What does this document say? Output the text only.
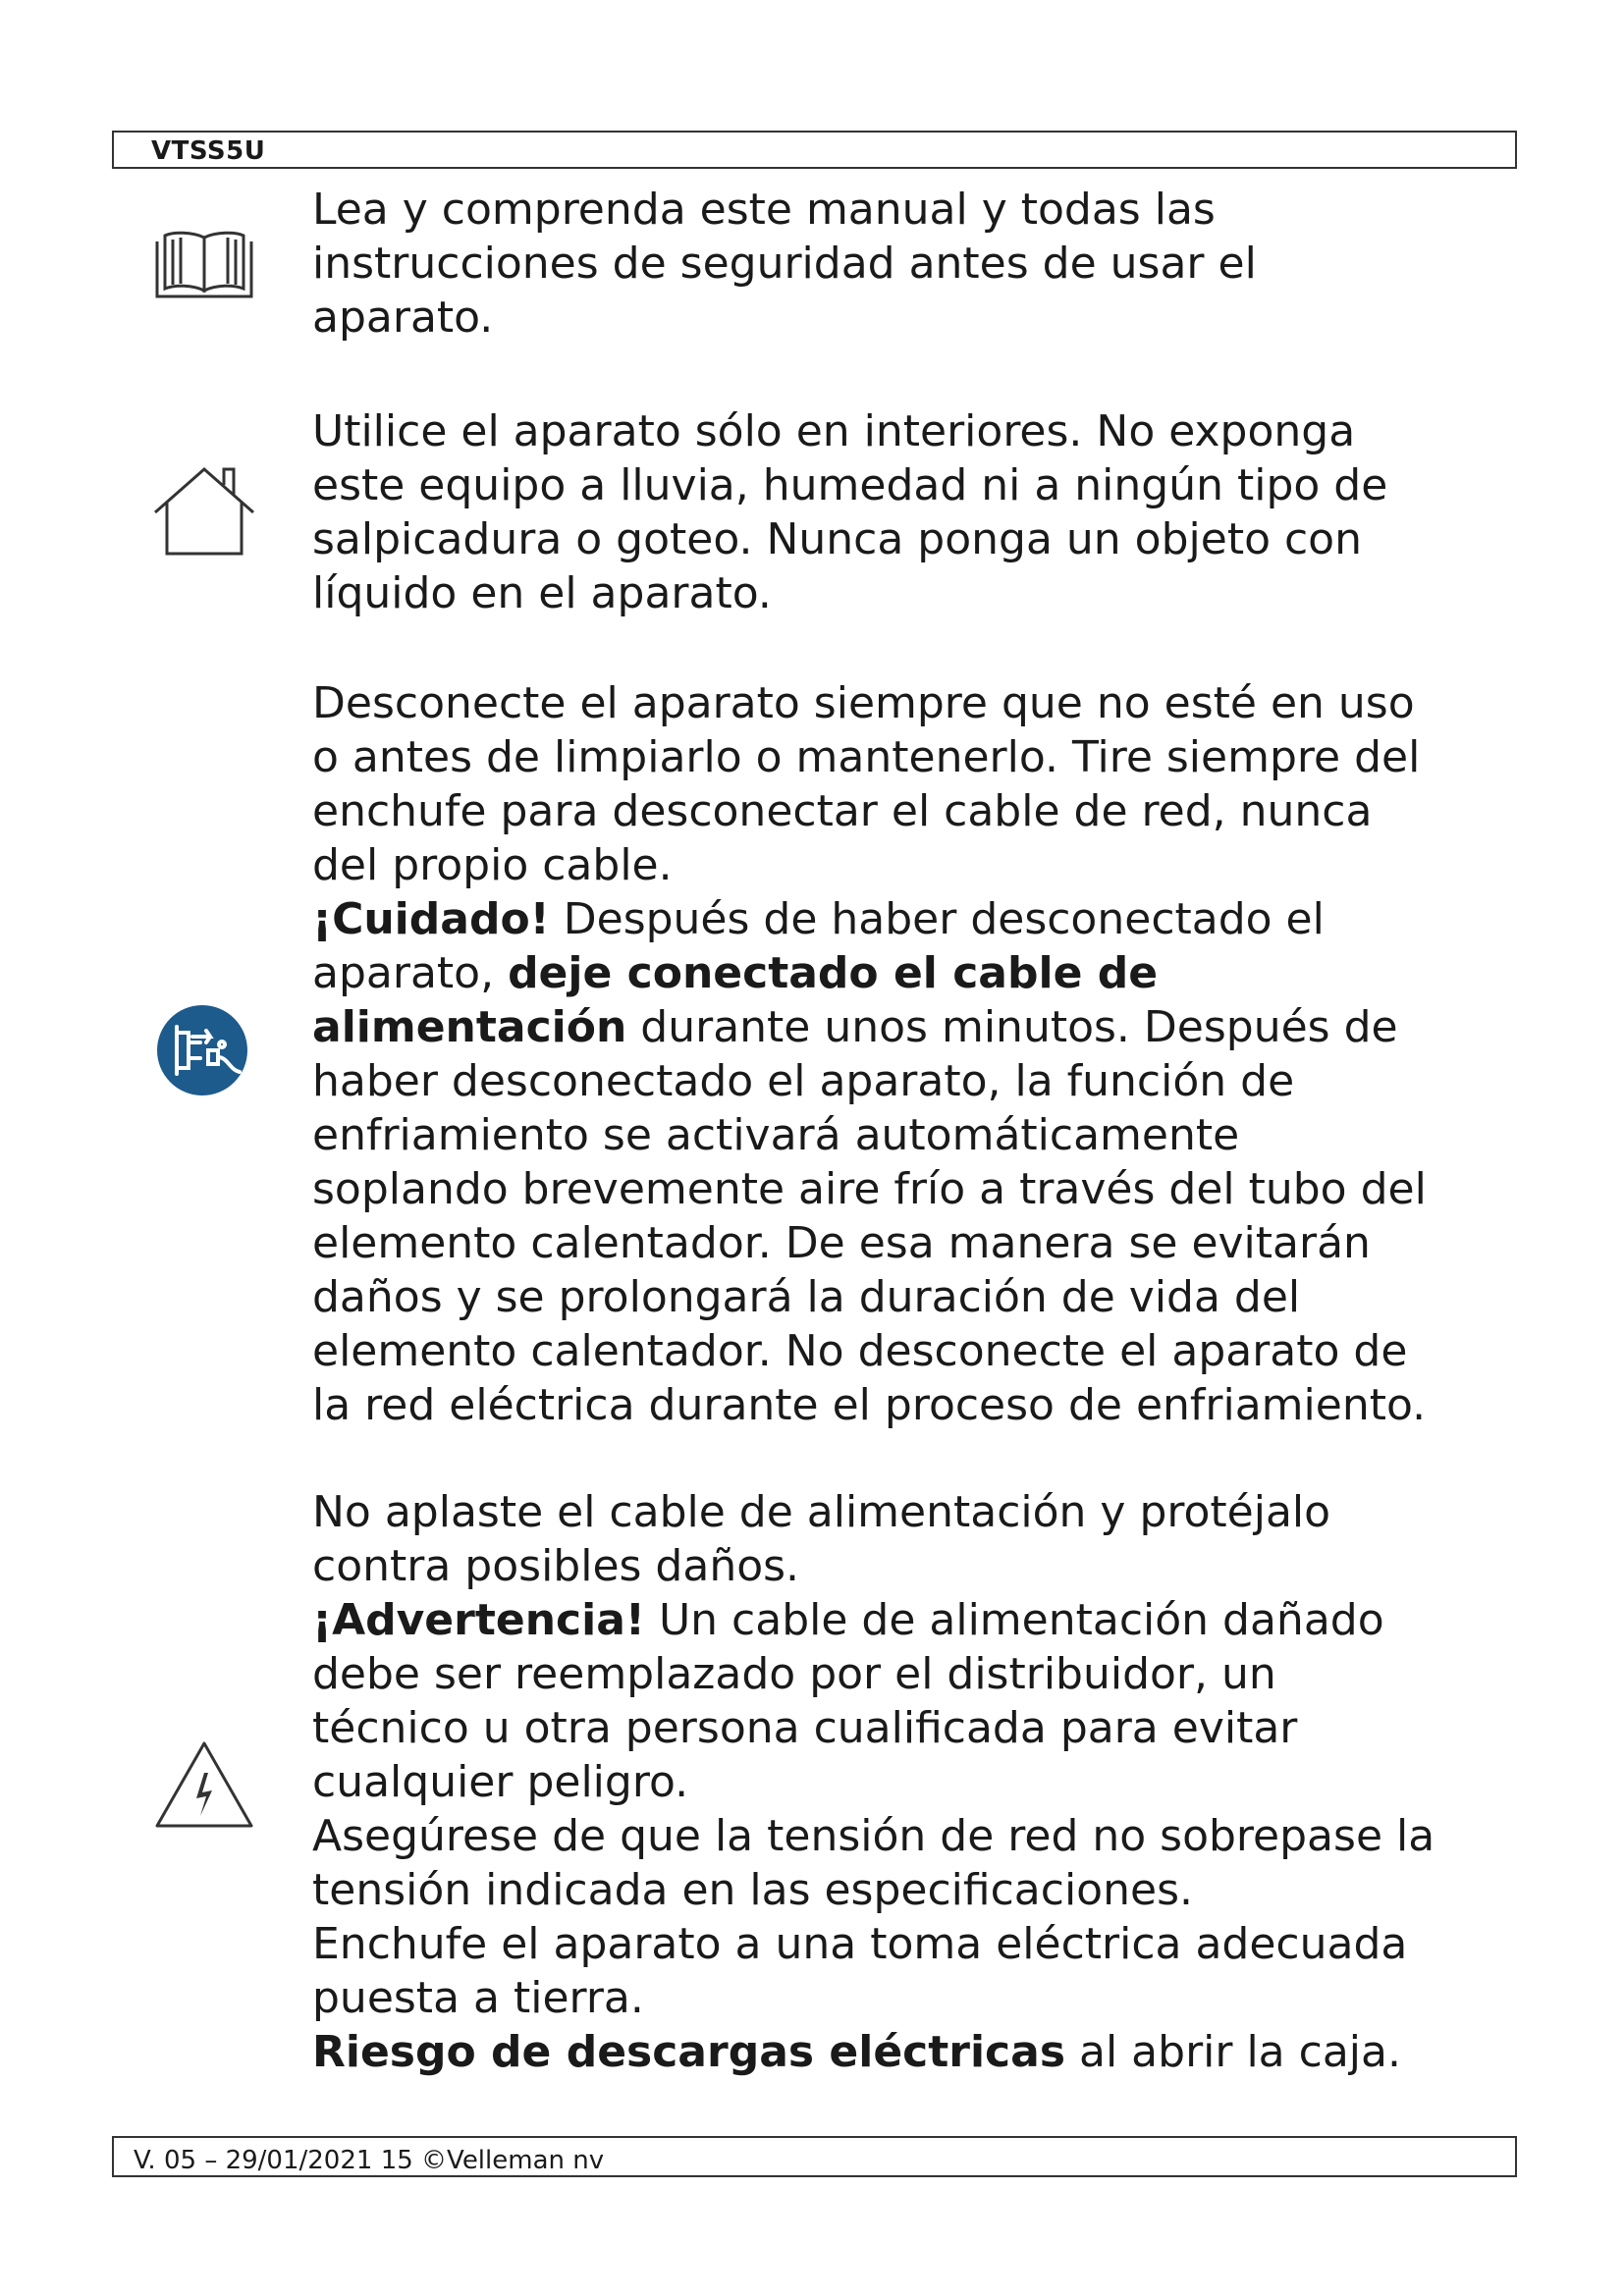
VTSS5U
Lea y comprenda este manual y todas las
instrucciones de seguridad antes de usar el
aparato.
Utilice el aparato sólo en interiores. No exponga
este equipo a lluvia, humedad ni a ningún tipo de
salpicadura o goteo. Nunca ponga un objeto con
líquido en el aparato.
Desconecte el aparato siempre que no esté en uso
o antes de limpiarlo o mantenerlo. Tire siempre del
enchufe para desconectar el cable de red, nunca
del propio cable.
¡Cuidado! Después de haber desconectado el
aparato, deje conectado el cable de
alimentación durante unos minutos. Después de
haber desconectado el aparato, la función de
enfriamiento se activará automáticamente
soplando brevemente aire frío a través del tubo del
elemento calentador. De esa manera se evitarán
daños y se prolongará la duración de vida del
elemento calentador. No desconecte el aparato de
la red eléctrica durante el proceso de enfriamiento.
No aplaste el cable de alimentación y protéjalo
contra posibles daños.
¡Advertencia! Un cable de alimentación dañado
debe ser reemplazado por el distribuidor, un
técnico u otra persona cualificada para evitar
cualquier peligro.
Asegúrese de que la tensión de red no sobrepase la
tensión indicada en las especificaciones.
Enchufe el aparato a una toma eléctrica adecuada
puesta a tierra.
Riesgo de descargas eléctricas al abrir la caja.
V. 05 – 29/01/2021 15 ©Velleman nv
